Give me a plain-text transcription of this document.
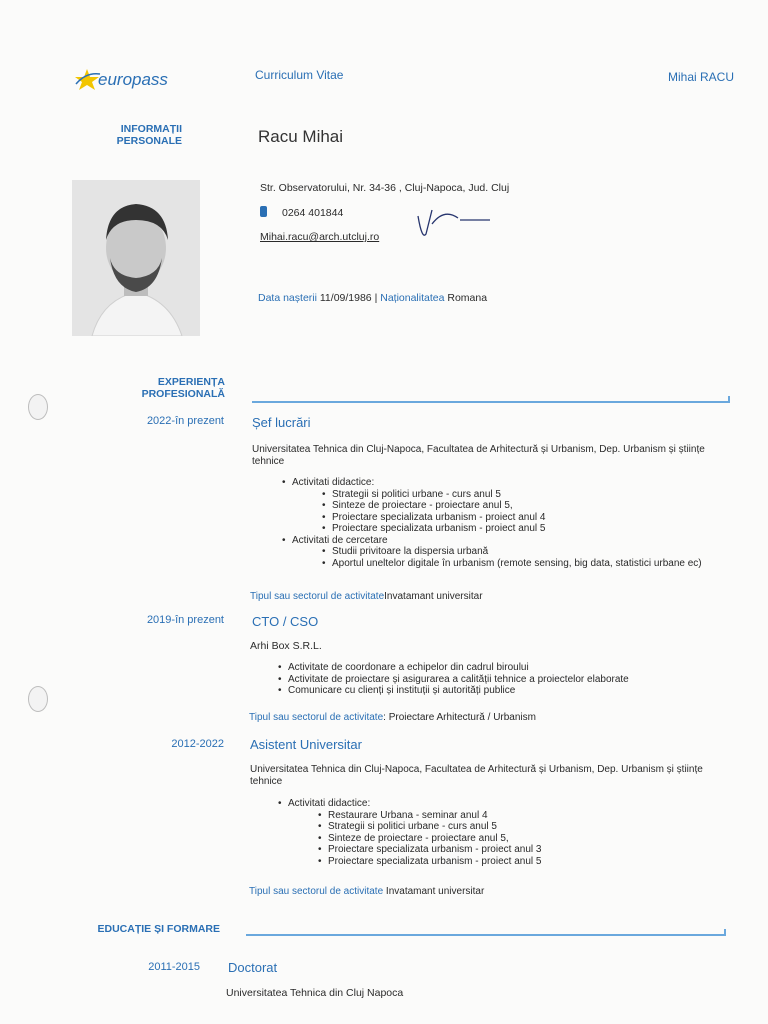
europass	Curriculum Vitae	Mihai RACU
INFORMAȚII PERSONALE	Racu Mihai
Str. Observatorului, Nr. 34-36 , Cluj-Napoca, Jud. Cluj
0264 401844
Mihai.racu@arch.utcluj.ro
Data nașterii 11/09/1986 | Naționalitatea Romana
EXPERIENȚA PROFESIONALĂ
2022-în prezent Șef lucrări
Universitatea Tehnica din Cluj-Napoca, Facultatea de Arhitectură și Urbanism, Dep. Urbanism și științe tehnice
• Activitati didactice:
• Strategii si politici urbane - curs anul 5
• Sinteze de proiectare - proiectare anul 5,
• Proiectare specializata urbanism - proiect anul 4
• Proiectare specializata urbanism - proiect anul 5
• Activitati de cercetare
• Studii privitoare la dispersia urbană
• Aportul uneltelor digitale în urbanism (remote sensing, big data, statistici urbane ec)
Tipul sau sectorul de activitateInvatamant universitar
2019-în prezent CTO / CSO
Arhi Box S.R.L.
• Activitate de coordonare a echipelor din cadrul biroului
• Activitate de proiectare și asigurarea a calității tehnice a proiectelor elaborate
• Comunicare cu clienți și instituții și autorități publice
Tipul sau sectorul de activitate: Proiectare Arhitectură / Urbanism
2012-2022 Asistent Universitar
Universitatea Tehnica din Cluj-Napoca, Facultatea de Arhitectură și Urbanism, Dep. Urbanism și științe tehnice
• Activitati didactice:
• Restaurare Urbana - seminar anul 4
• Strategii si politici urbane - curs anul 5
• Sinteze de proiectare - proiectare anul 5,
• Proiectare specializata urbanism - proiect anul 3
• Proiectare specializata urbanism - proiect anul 5
Tipul sau sectorul de activitate Invatamant universitar
EDUCAȚIE ȘI FORMARE
2011-2015 Doctorat
Universitatea Tehnica din Cluj Napoca
